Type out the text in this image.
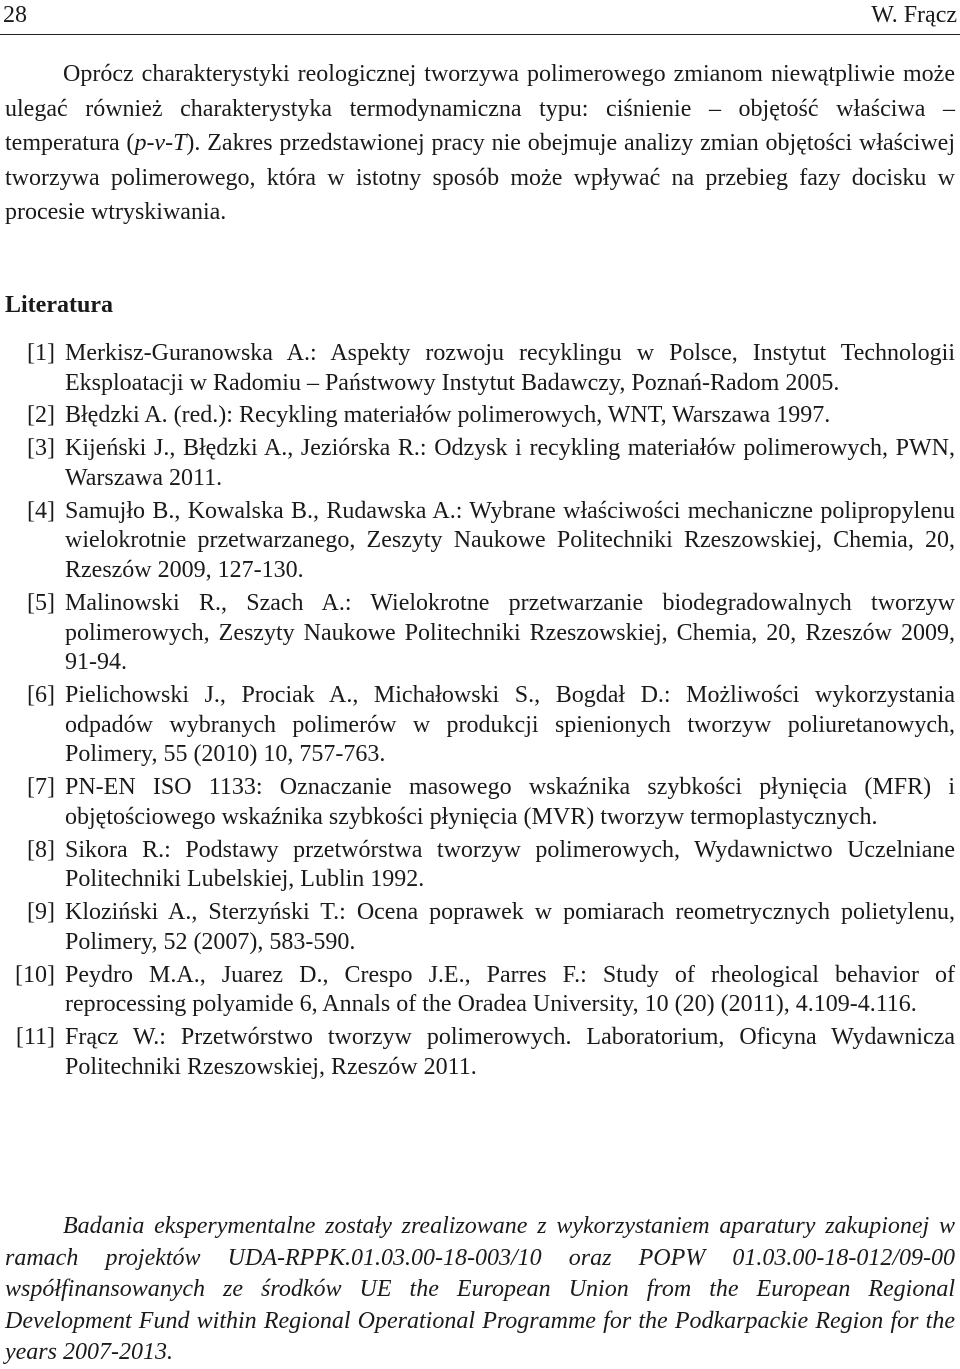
28	W. Frącz

Oprócz charakterystyki reologicznej tworzywa polimerowego zmianom niewątpliwie może ulegać również charakterystyka termodynamiczna typu: ciśnienie – objętość właściwa – temperatura (p-ν-T). Zakres przedstawionej pracy nie obejmuje analizy zmian objętości właściwej tworzywa polimerowego, która w istotny sposób może wpływać na przebieg fazy docisku w procesie wtryskiwania.

Literatura
[1] Merkisz-Guranowska A.: Aspekty rozwoju recyklingu w Polsce, Instytut Technologii Eksploatacji w Radomiu – Państwowy Instytut Badawczy, Poznań-Radom 2005.
[2] Błędzki A. (red.): Recykling materiałów polimerowych, WNT, Warszawa 1997.
[3] Kijeński J., Błędzki A., Jeziórska R.: Odzysk i recykling materiałów polimerowych, PWN, Warszawa 2011.
[4] Samujło B., Kowalska B., Rudawska A.: Wybrane właściwości mechaniczne polipropylenu wielokrotnie przetwarzanego, Zeszyty Naukowe Politechniki Rzeszowskiej, Chemia, 20, Rzeszów 2009, 127-130.
[5] Malinowski R., Szach A.: Wielokrotne przetwarzanie biodegradowalnych tworzyw polimerowych, Zeszyty Naukowe Politechniki Rzeszowskiej, Chemia, 20, Rzeszów 2009, 91-94.
[6] Pielichowski J., Prociak A., Michałowski S., Bogdał D.: Możliwości wykorzystania odpadów wybranych polimerów w produkcji spienionych tworzyw poliuretanowych, Polimery, 55 (2010) 10, 757-763.
[7] PN-EN ISO 1133: Oznaczanie masowego wskaźnika szybkości płynięcia (MFR) i objętościowego wskaźnika szybkości płynięcia (MVR) tworzyw termoplastycznych.
[8] Sikora R.: Podstawy przetwórstwa tworzyw polimerowych, Wydawnictwo Uczelniane Politechniki Lubelskiej, Lublin 1992.
[9] Kloziński A., Sterzyński T.: Ocena poprawek w pomiarach reometrycznych polietylenu, Polimery, 52 (2007), 583-590.
[10] Peydro M.A., Juarez D., Crespo J.E., Parres F.: Study of rheological behavior of reprocessing polyamide 6, Annals of the Oradea University, 10 (20) (2011), 4.109-4.116.
[11] Frącz W.: Przetwórstwo tworzyw polimerowych. Laboratorium, Oficyna Wydawnicza Politechniki Rzeszowskiej, Rzeszów 2011.

Badania eksperymentalne zostały zrealizowane z wykorzystaniem aparatury zakupionej w ramach projektów UDA-RPPK.01.03.00-18-003/10 oraz POPW 01.03.00-18-012/09-00 współfinansowanych ze środków UE the European Union from the European Regional Development Fund within Regional Operational Programme for the Podkarpackie Region for the years 2007-2013.
